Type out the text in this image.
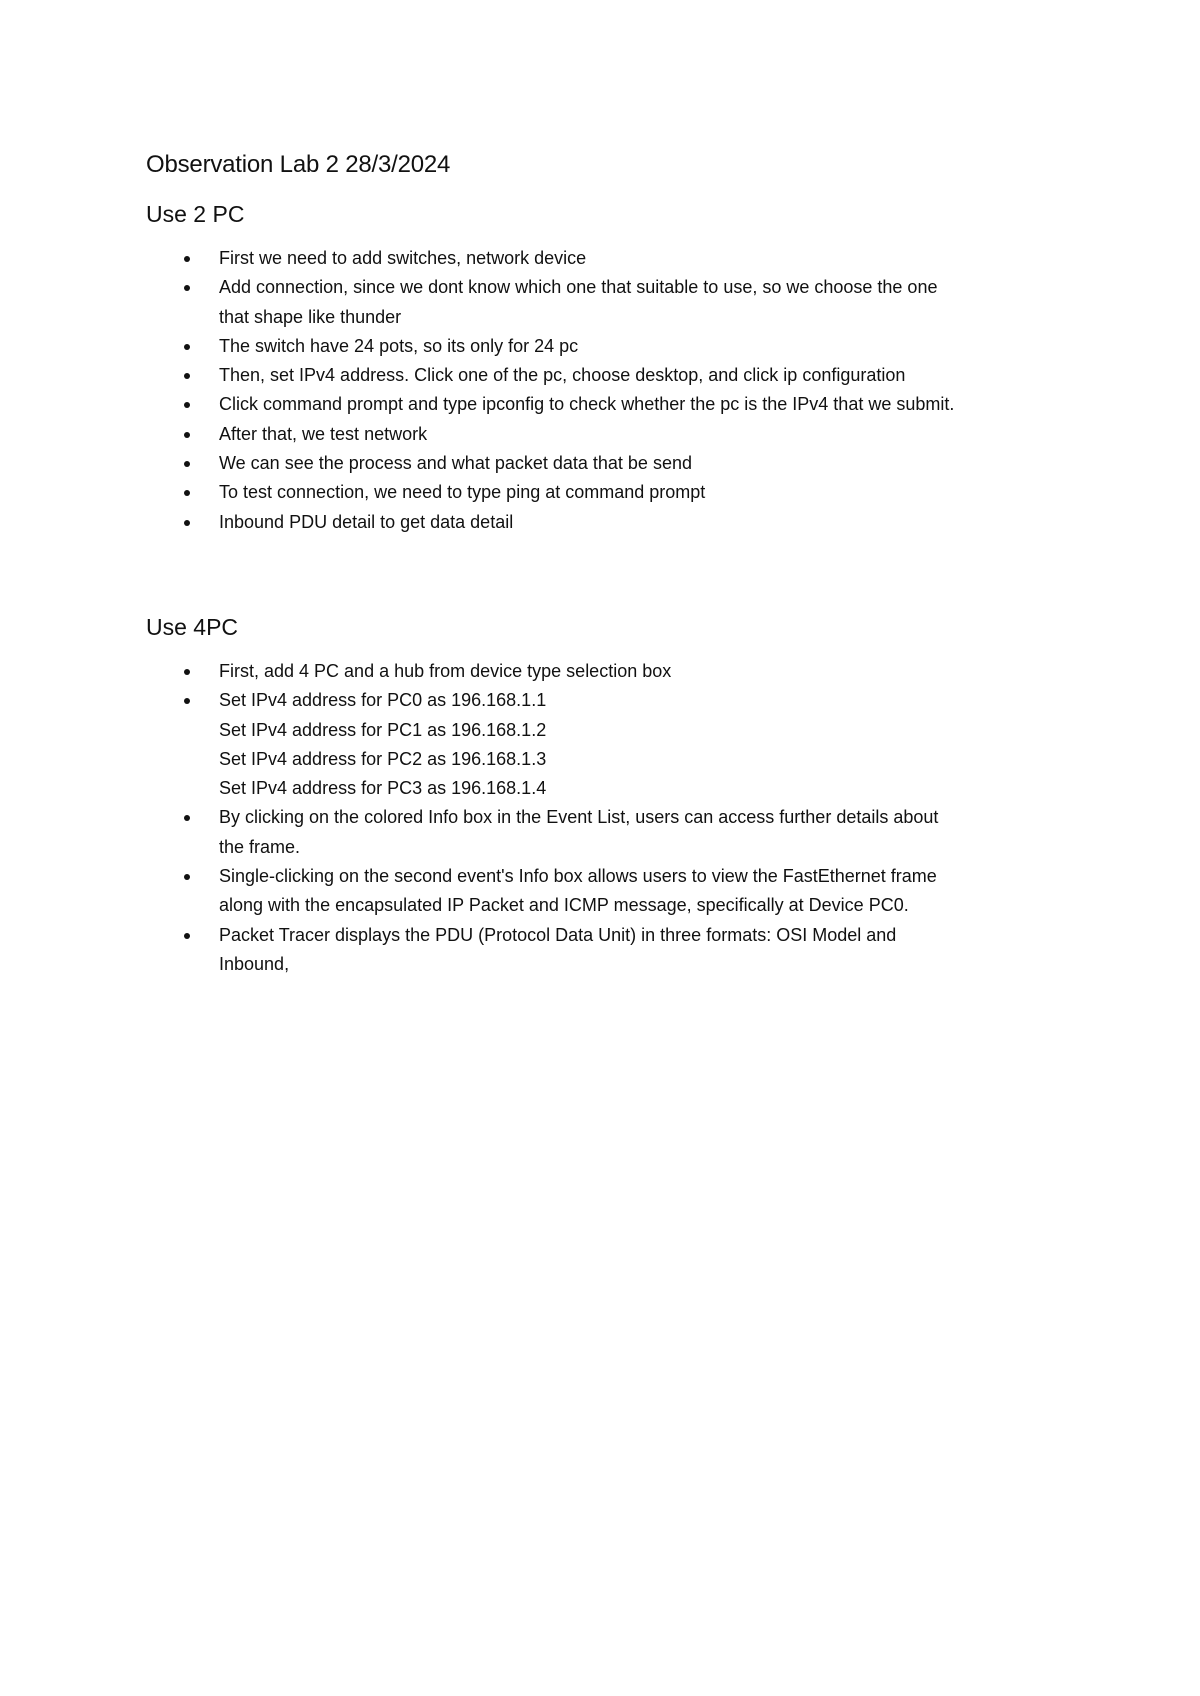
Observation Lab 2 28/3/2024
Use 2 PC
First we need to add switches, network device
Add connection, since we dont know which one that suitable to use, so we choose the one
that shape like thunder
The switch have 24 pots, so its only for 24 pc
Then, set IPv4 address. Click one of the pc, choose desktop, and click ip configuration
Click command prompt and type ipconfig to check whether the pc is the IPv4 that we submit.
After that, we test network
We can see the process and what packet data that be send
To test connection, we need to type ping at command prompt
Inbound PDU detail to get data detail
Use 4PC
First, add 4 PC and a hub from device type selection box
Set IPv4 address for PC0 as 196.168.1.1
Set IPv4 address for PC1 as 196.168.1.2
Set IPv4 address for PC2 as 196.168.1.3
Set IPv4 address for PC3 as 196.168.1.4
By clicking on the colored Info box in the Event List, users can access further details about
the frame.
Single-clicking on the second event's Info box allows users to view the FastEthernet frame
along with the encapsulated IP Packet and ICMP message, specifically at Device PC0.
Packet Tracer displays the PDU (Protocol Data Unit) in three formats: OSI Model and
Inbound,
